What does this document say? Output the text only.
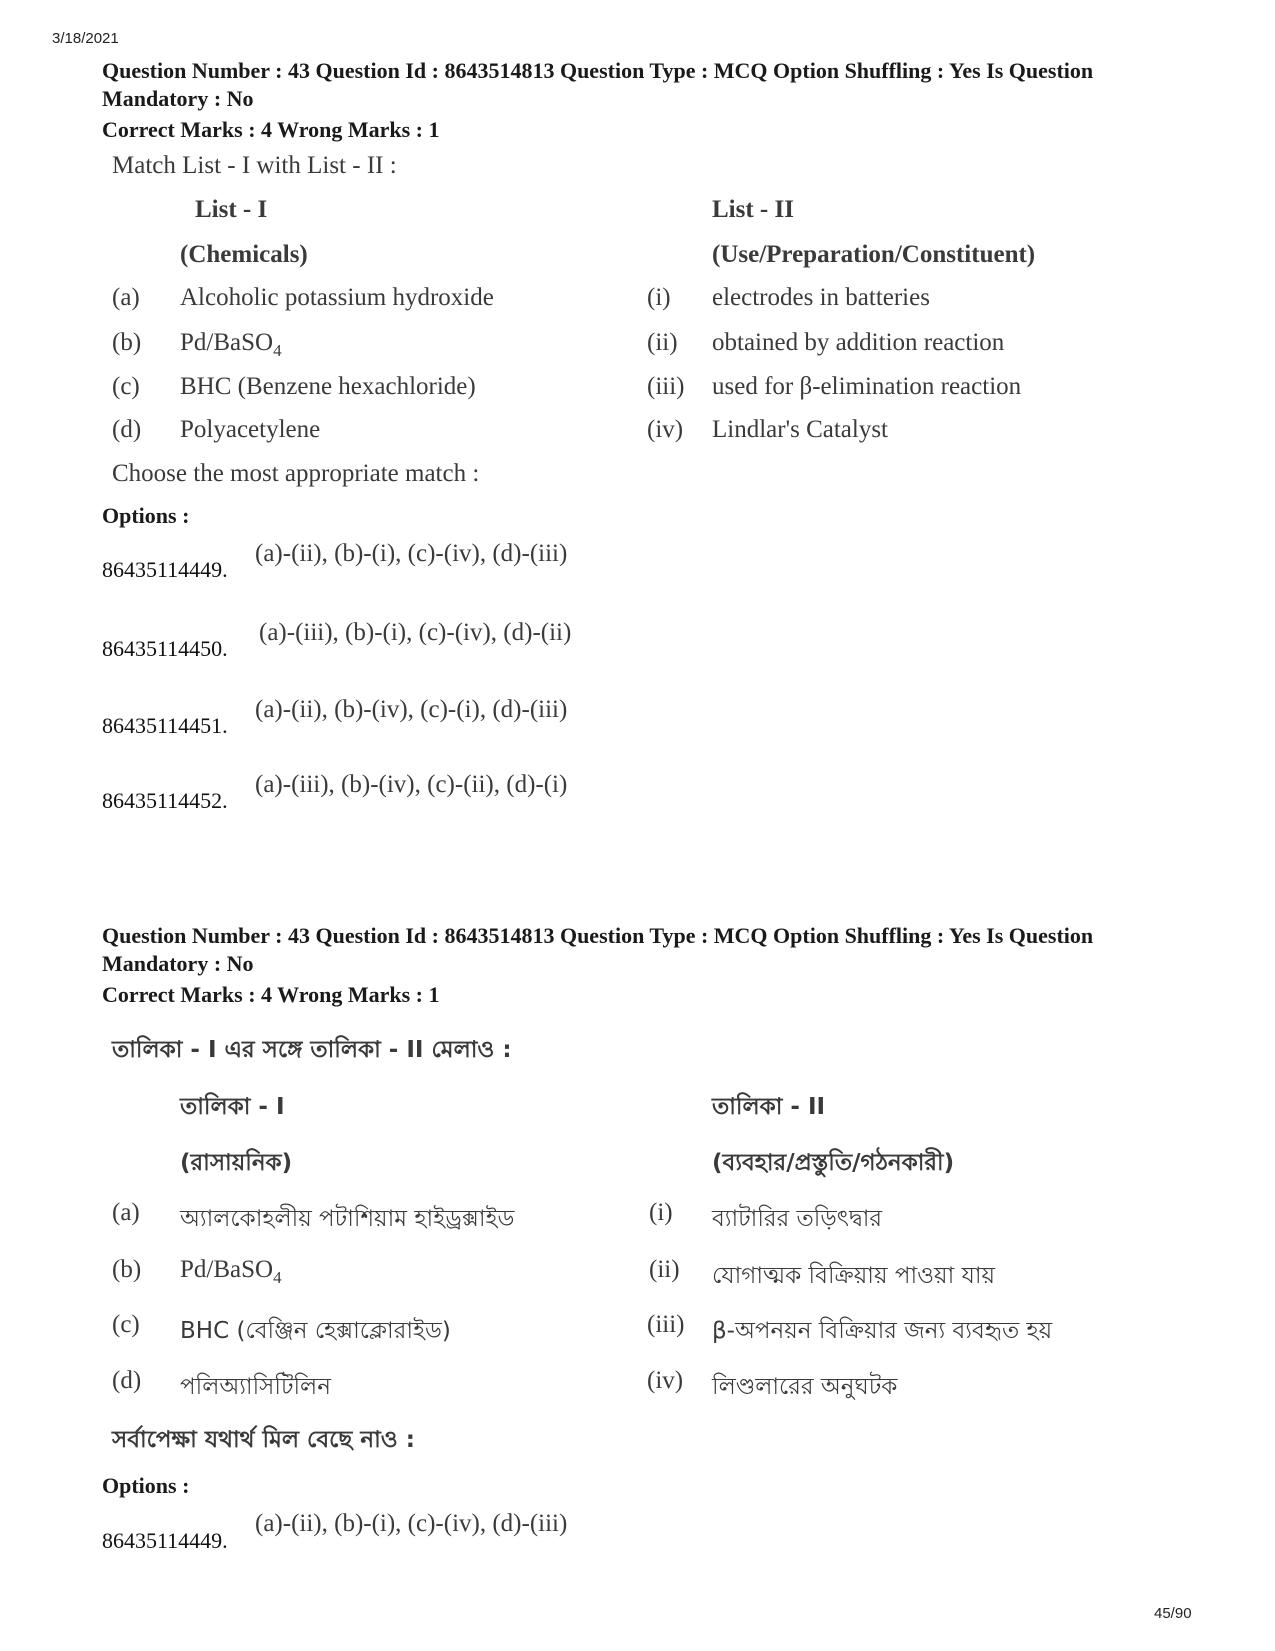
3/18/2021
Question Number : 43 Question Id : 8643514813 Question Type : MCQ Option Shuffling : Yes Is Question Mandatory : No
Correct Marks : 4 Wrong Marks : 1
Match List - I with List - II :
List - I	List - II
(Chemicals)	(Use/Preparation/Constituent)
(a) Alcoholic potassium hydroxide	(i) electrodes in batteries
(b) Pd/BaSO$_4$	(ii) obtained by addition reaction
(c) BHC (Benzene hexachloride)	(iii) used for β-elimination reaction
(d) Polyacetylene	(iv) Lindlar's Catalyst
Choose the most appropriate match :
Options :
86435114449.
(a)-(ii), (b)-(i), (c)-(iv), (d)-(iii)
86435114450.
(a)-(iii), (b)-(i), (c)-(iv), (d)-(ii)
86435114451.
(a)-(ii), (b)-(iv), (c)-(i), (d)-(iii)
86435114452.
(a)-(iii), (b)-(iv), (c)-(ii), (d)-(i)
Question Number : 43 Question Id : 8643514813 Question Type : MCQ Option Shuffling : Yes Is Question Mandatory : No
Correct Marks : 4 Wrong Marks : 1
তালিকা - I এর সঙ্গে তালিকা - II মেলাও :
তালিকা - I	তালিকা - II
(রাসায়নিক)	(ব্যবহার/প্রস্তুতি/গঠনকারী)
(a) অ্যালকোহলীয় পটাশিয়াম হাইড্রক্সাইড	(i) ব্যাটারির তড়িৎদ্বার
(b) Pd/BaSO$_4$	(ii) যোগাত্মক বিক্রিয়ায় পাওয়া যায়
(c) BHC (বেঞ্জিন হেক্সাক্লোরাইড)	(iii) β-অপনয়ন বিক্রিয়ার জন্য ব্যবহৃত হয়
(d) পলিঅ্যাসিটিলিন	(iv) লিণ্ডলারের অনুঘটক
সর্বাপেক্ষা যথার্থ মিল বেছে নাও :
Options :
86435114449.
(a)-(ii), (b)-(i), (c)-(iv), (d)-(iii)
45/90
